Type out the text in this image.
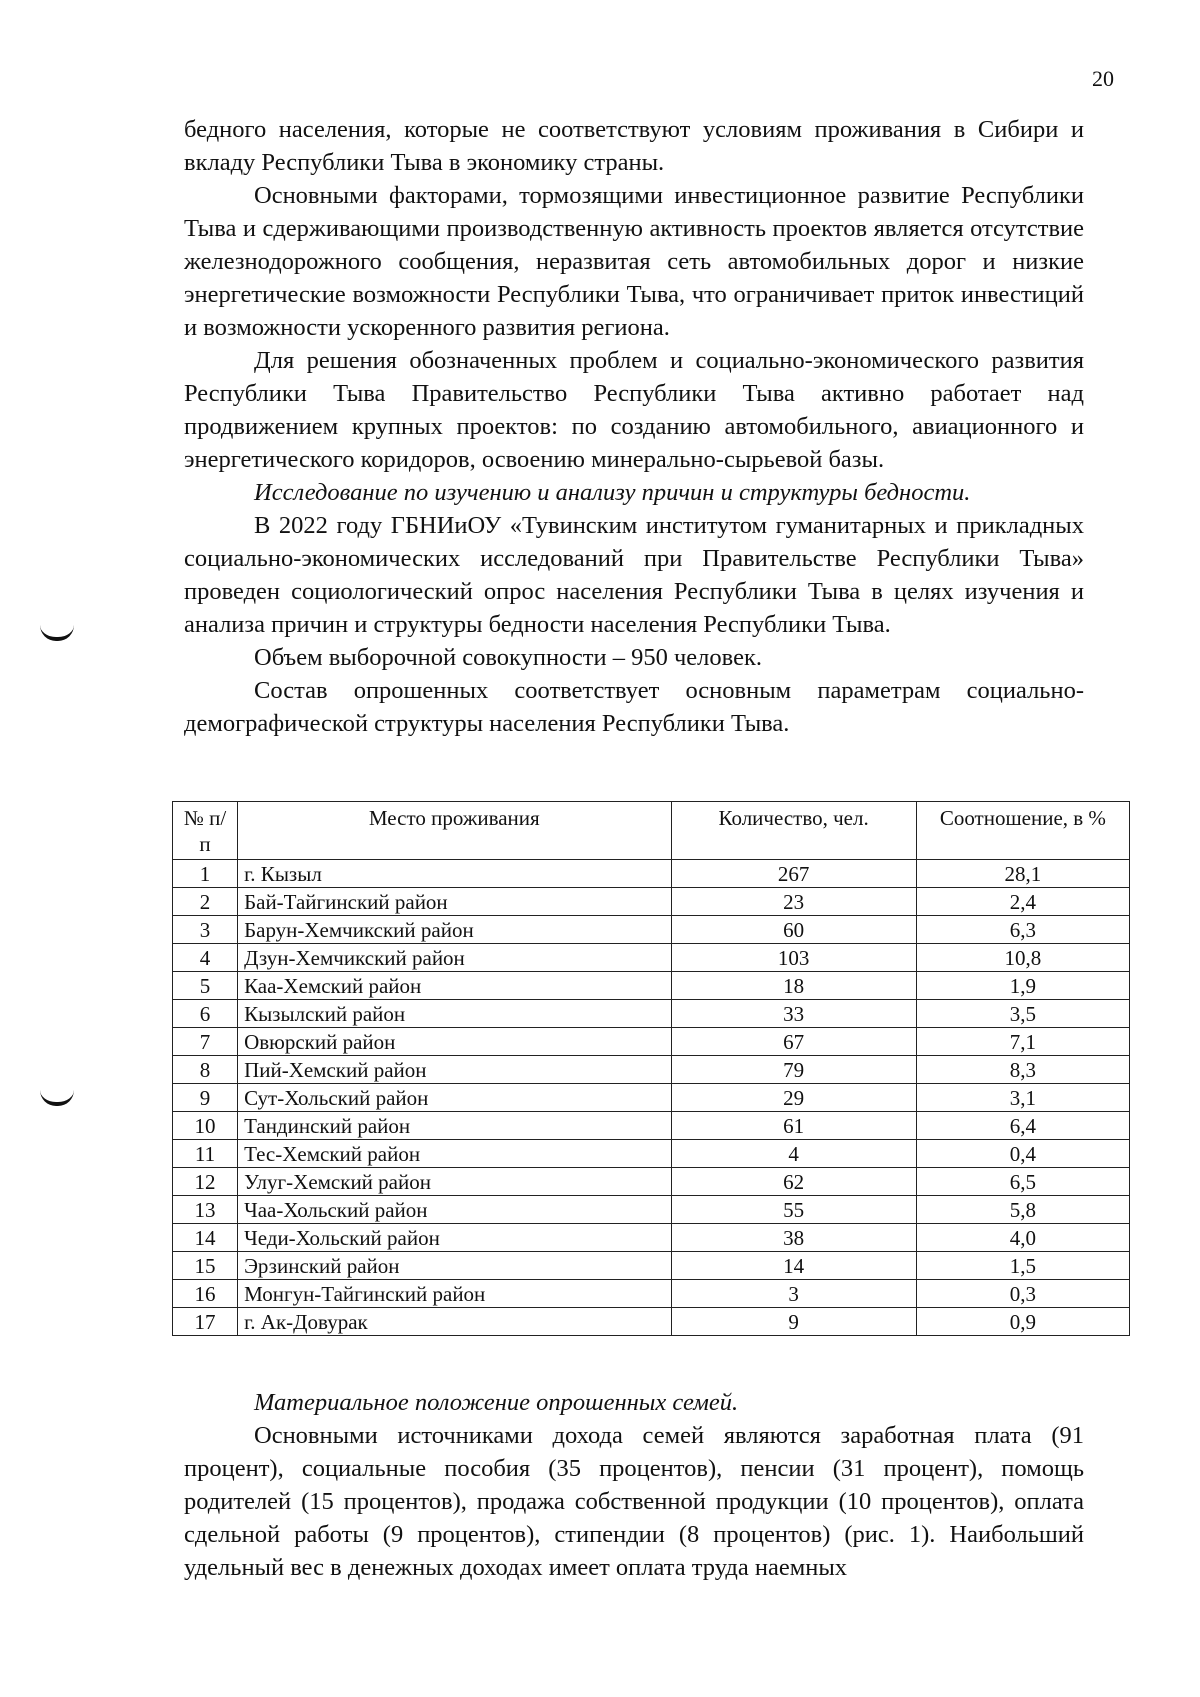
20

бедного населения, которые не соответствуют условиям проживания в Сибири и вкладу Республики Тыва в экономику страны.

Основными факторами, тормозящими инвестиционное развитие Республики Тыва и сдерживающими производственную активность проектов является отсутствие железнодорожного сообщения, неразвитая сеть автомобильных дорог и низкие энергетические возможности Республики Тыва, что ограничивает приток инвестиций и возможности ускоренного развития региона.

Для решения обозначенных проблем и социально-экономического развития Республики Тыва Правительство Республики Тыва активно работает над продвижением крупных проектов: по созданию автомобильного, авиационного и энергетического коридоров, освоению минерально-сырьевой базы.

Исследование по изучению и анализу причин и структуры бедности.

В 2022 году ГБНИиОУ «Тувинским институтом гуманитарных и прикладных социально-экономических исследований при Правительстве Республики Тыва» проведен социологический опрос населения Республики Тыва в целях изучения и анализа причин и структуры бедности населения Республики Тыва.

Объем выборочной совокупности – 950 человек.

Состав опрошенных соответствует основным параметрам социально-демографической структуры населения Республики Тыва.

№ п/п	Место проживания	Количество, чел.	Соотношение, в %
1	г. Кызыл	267	28,1
2	Бай-Тайгинский район	23	2,4
3	Барун-Хемчикский район	60	6,3
4	Дзун-Хемчикский район	103	10,8
5	Каа-Хемский район	18	1,9
6	Кызылский район	33	3,5
7	Овюрский район	67	7,1
8	Пий-Хемский район	79	8,3
9	Сут-Хольский район	29	3,1
10	Тандинский район	61	6,4
11	Тес-Хемский район	4	0,4
12	Улуг-Хемский район	62	6,5
13	Чаа-Хольский район	55	5,8
14	Чеди-Хольский район	38	4,0
15	Эрзинский район	14	1,5
16	Монгун-Тайгинский район	3	0,3
17	г. Ак-Довурак	9	0,9

Материальное положение опрошенных семей.

Основными источниками дохода семей являются заработная плата (91 процент), социальные пособия (35 процентов), пенсии (31 процент), помощь родителей (15 процентов), продажа собственной продукции (10 процентов), оплата сдельной работы (9 процентов), стипендии (8 процентов) (рис. 1). Наибольший удельный вес в денежных доходах имеет оплата труда наемных
